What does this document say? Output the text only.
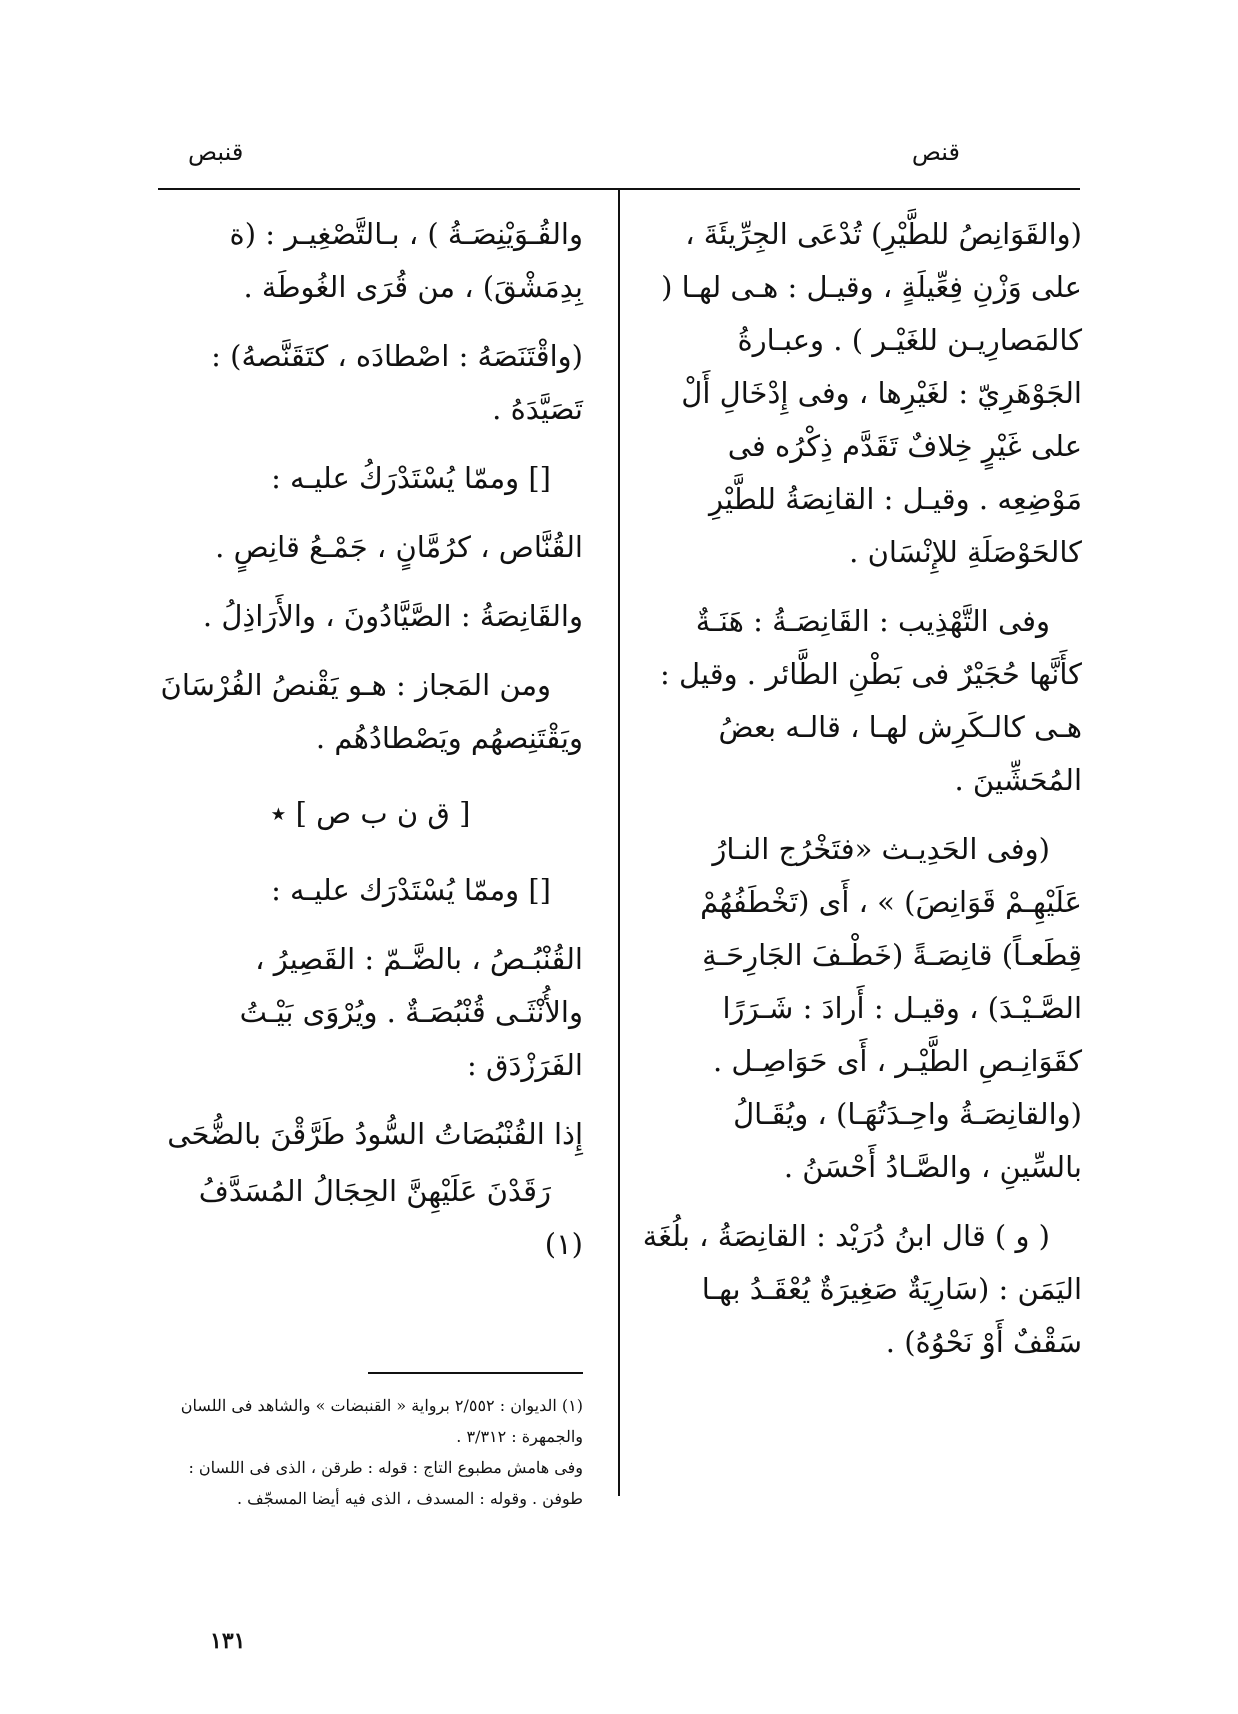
قنص
قنبص

(والقَوَانِصُ للطَّيْرِ) تُدْعَى الجِرِّيئَةَ ، على وَزْنِ فِعِّيلَةٍ ، وقيـل : هـى لهـا ( كالمَصارِيـن للغَيْـر ) . وعبـارةُ الجَوْهَرِيّ : لغَيْرِها ، وفى إِدْخَالِ أَلْ على غَيْرٍ خِلافٌ تَقَدَّم ذِكْرُه فى مَوْضِعِه . وقيـل : القانِصَةُ للطَّيْرِ كالحَوْصَلَةِ للإِنْسَان .

وفى التَّهْذِيب : القَانِصَـةُ : هَنَـةٌ كأَنَّها حُجَيْرٌ فى بَطْنِ الطَّائر . وقيل : هـى كالـكَرِش لهـا ، قالـه بعضُ المُحَشِّينَ .

(وفى الحَدِيـث «فتَخْرُج النـارُ عَلَيْهِـمْ قَوَانِصَ) » ، أَى (تَخْطَفُهُمْ قِطَعـاً) قانِصَـةً (خَطْـفَ الجَارِحَـةِ الصَّـيْـدَ) ، وقيـل : أَرادَ : شَـرَرًا كقَوَانِـصِ الطَّيْـر ، أَى حَوَاصِـل . (والقانِصَـةُ واحِـدَتُهَـا) ، ويُقَـالُ بالسِّينِ ، والصَّـادُ أَحْسَنُ .

( و ) قال ابنُ دُرَيْد : القانِصَةُ ، بلُغَة اليَمَن : (سَارِيَةٌ صَغِيرَةٌ يُعْقَـدُ بهـا سَقْفٌ أَوْ نَحْوُهُ) .

والقُـوَيْنِصَـةُ ) ، بـالتَّصْغِيـر : (ة بِدِمَشْقَ) ، من قُرَى الغُوطَة .

(واقْتَنَصَهُ : اصْطادَه ، كتَقَنَّصهُ) : تَصَيَّدَهُ .

[] وممّا يُسْتَدْرَكُ عليـه :

القُنَّاص ، كرُمَّانٍ ، جَمْـعُ قانِصٍ .

والقَانِصَةُ : الصَّيَّادُونَ ، والأَرَاذِلُ .

ومن المَجاز : هـو يَقْنصُ الفُرْسَانَ ويَقْتَنِصهُم ويَصْطادُهُم .

[ ق ن ب ص ] ٭

[] وممّا يُسْتَدْرَك عليـه :

القُنْبُـصُ ، بالضَّـمّ : القَصِيرُ ، والأُنْثَـى قُنْبُصَـةٌ . ويُرْوَى بَيْـتُ الفَرَزْدَق :

إِذا القُنْبُصَاتُ السُّودُ طَرَّقْنَ بالضُّحَى

رَقَدْنَ عَلَيْهِنَّ الحِجَالُ المُسَدَّفُ (١)

(١) الديوان : ٢/٥٥٢ برواية « القنبضات » والشاهد فى اللسان والجمهرة : ٣/٣١٢ .

وفى هامش مطبوع التاج : قوله : طرقن ، الذى فى اللسان : طوفن . وقوله : المسدف ، الذى فيه أيضا المسجّف .

١٣١
